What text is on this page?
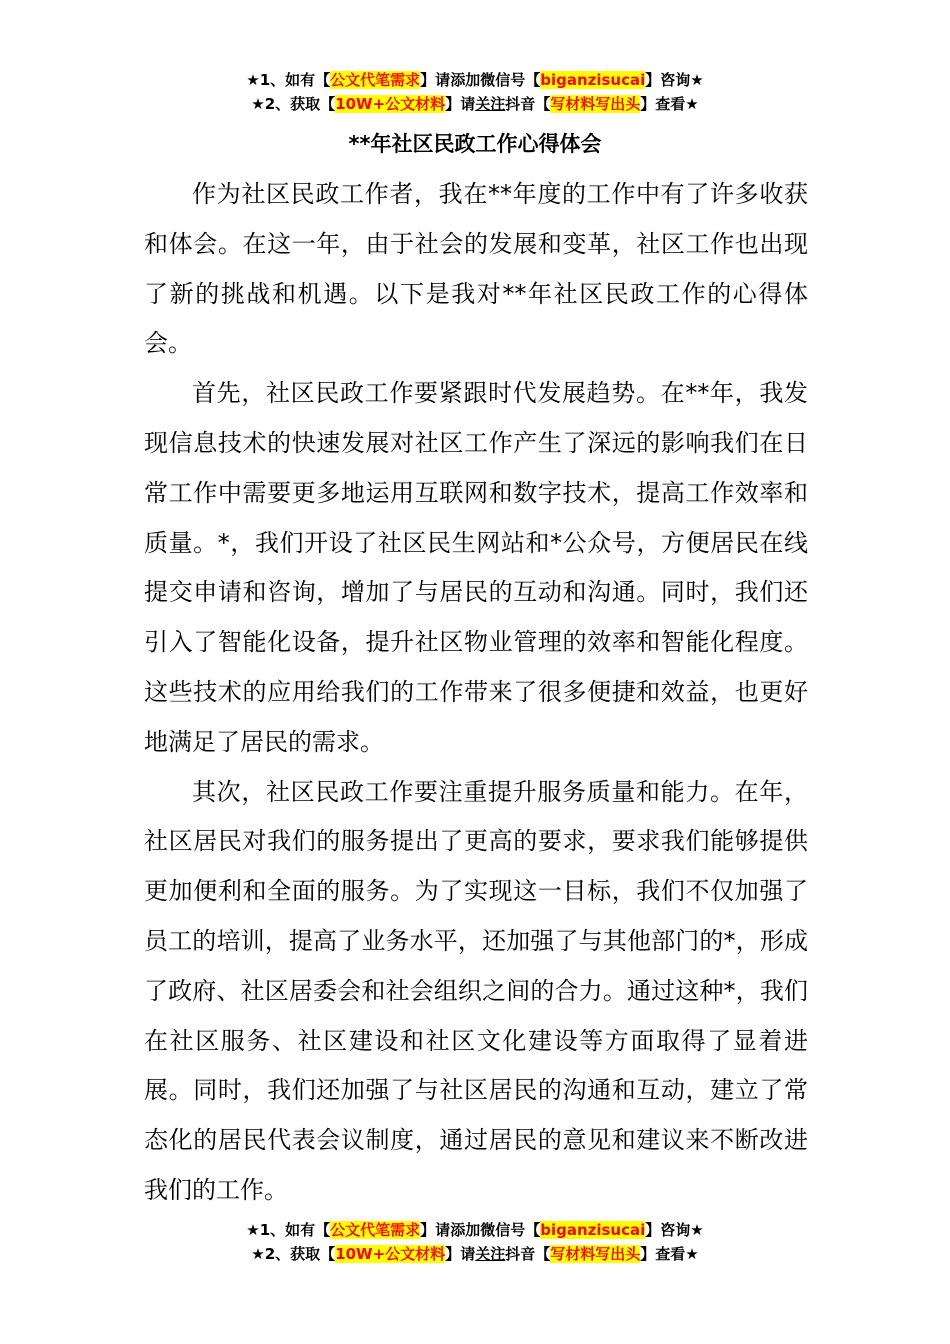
★1、如有【公文代笔需求】请添加微信号【biganzisucai】咨询★
★2、获取【10W+公文材料】请关注抖音【写材料写出头】查看★
**年社区民政工作心得体会

作为社区民政工作者，我在**年度的工作中有了许多收获和体会。在这一年，由于社会的发展和变革，社区工作也出现了新的挑战和机遇。以下是我对**年社区民政工作的心得体会。

首先，社区民政工作要紧跟时代发展趋势。在**年，我发现信息技术的快速发展对社区工作产生了深远的影响我们在日常工作中需要更多地运用互联网和数字技术，提高工作效率和质量。*，我们开设了社区民生网站和*公众号，方便居民在线提交申请和咨询，增加了与居民的互动和沟通。同时，我们还引入了智能化设备，提升社区物业管理的效率和智能化程度。这些技术的应用给我们的工作带来了很多便捷和效益，也更好地满足了居民的需求。

其次，社区民政工作要注重提升服务质量和能力。在年，社区居民对我们的服务提出了更高的要求，要求我们能够提供更加便利和全面的服务。为了实现这一目标，我们不仅加强了员工的培训，提高了业务水平，还加强了与其他部门的*，形成了政府、社区居委会和社会组织之间的合力。通过这种*，我们在社区服务、社区建设和社区文化建设等方面取得了显着进展。同时，我们还加强了与社区居民的沟通和互动，建立了常态化的居民代表会议制度，通过居民的意见和建议来不断改进我们的工作。

★1、如有【公文代笔需求】请添加微信号【biganzisucai】咨询★
★2、获取【10W+公文材料】请关注抖音【写材料写出头】查看★
